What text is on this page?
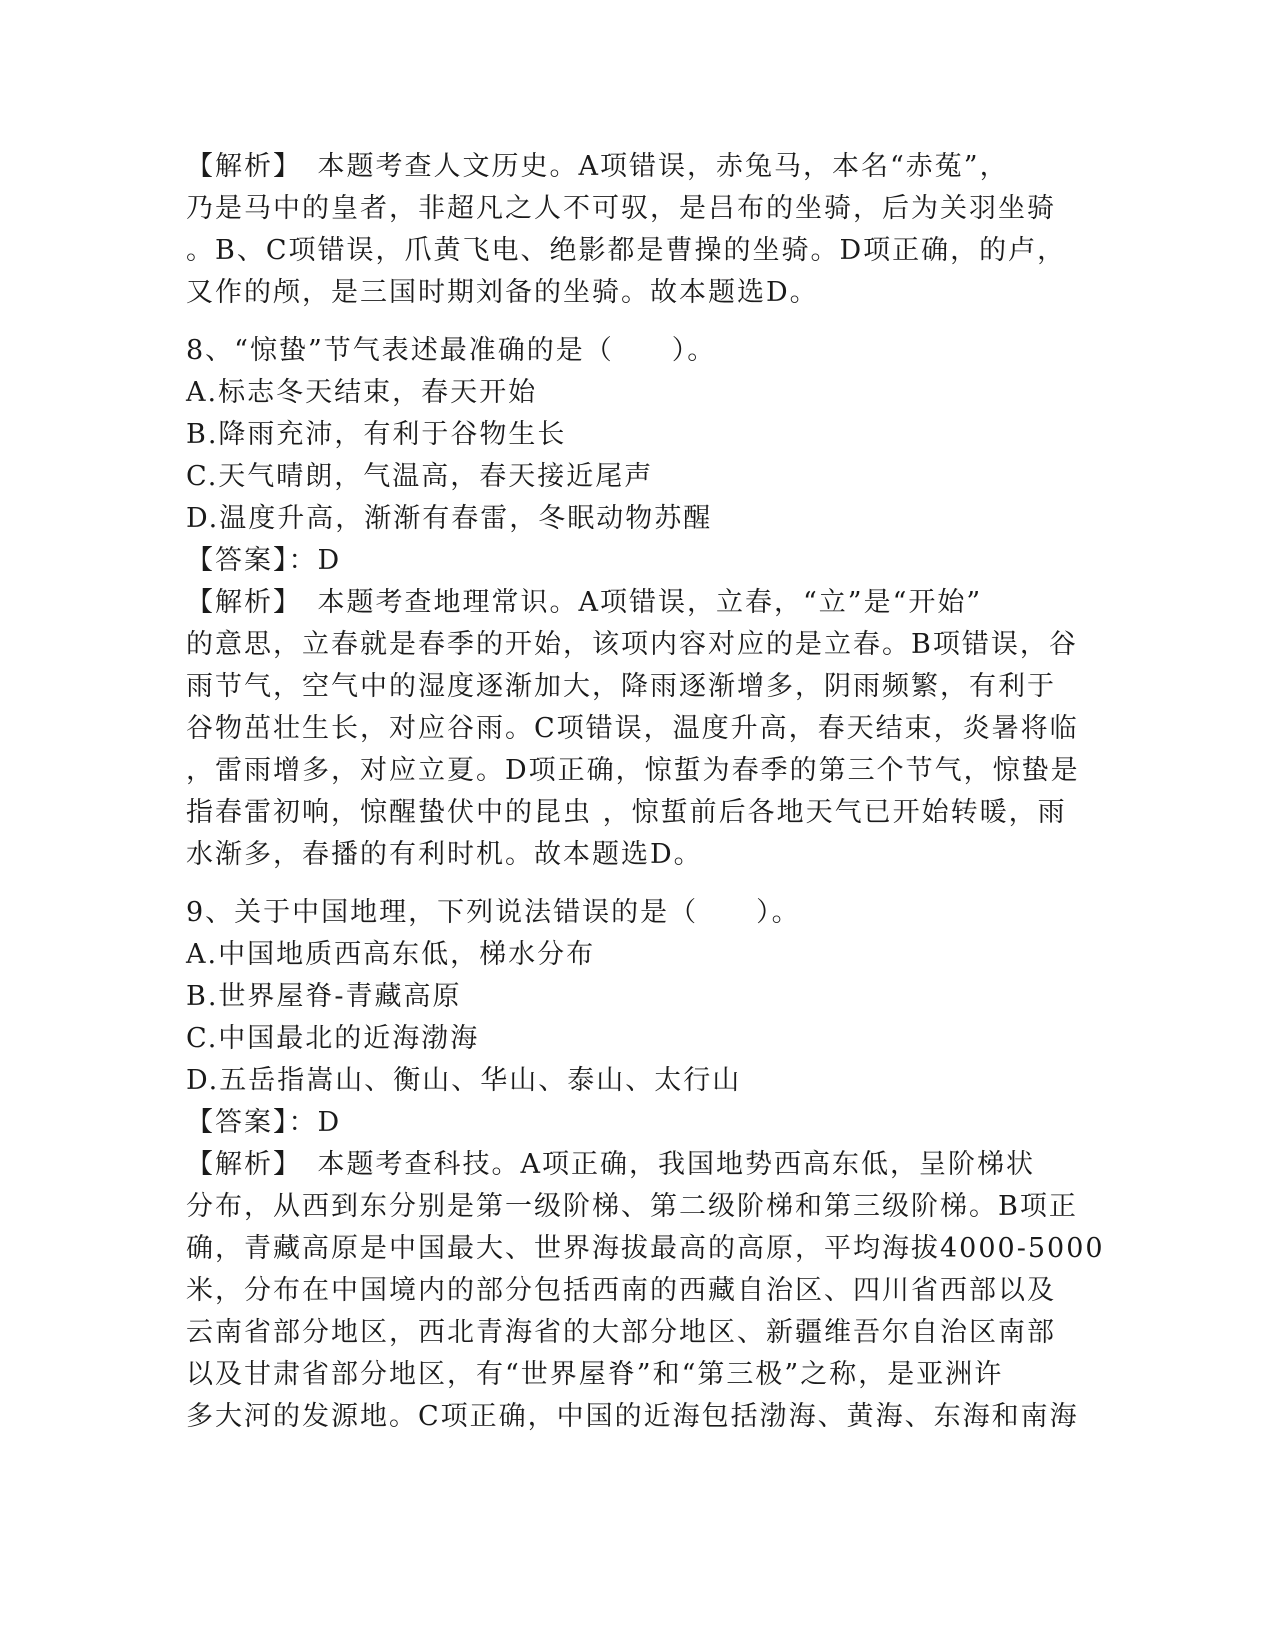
【解析】　本题考查人文历史。A项错误，赤兔马，本名“赤菟”，
乃是马中的皇者，非超凡之人不可驭，是吕布的坐骑，后为关羽坐骑
。B、C项错误，爪黄飞电、绝影都是曹操的坐骑。D项正确，的卢，
又作的颅，是三国时期刘备的坐骑。故本题选D。
8、“惊蛰”节气表述最准确的是（　　）。
A.标志冬天结束，春天开始
B.降雨充沛，有利于谷物生长
C.天气晴朗，气温高，春天接近尾声
D.温度升高，渐渐有春雷，冬眠动物苏醒
【答案】：D
【解析】　本题考查地理常识。A项错误，立春，“立”是“开始”
的意思，立春就是春季的开始，该项内容对应的是立春。B项错误，谷
雨节气，空气中的湿度逐渐加大，降雨逐渐增多，阴雨频繁，有利于
谷物茁壮生长，对应谷雨。C项错误，温度升高，春天结束，炎暑将临
，雷雨增多，对应立夏。D项正确，惊蜇为春季的第三个节气，惊蛰是
指春雷初响，惊醒蛰伏中的昆虫 ，惊蜇前后各地天气已开始转暖，雨
水渐多，春播的有利时机。故本题选D。
9、关于中国地理，下列说法错误的是（　　）。
A.中国地质西高东低，梯水分布
B.世界屋脊-青藏高原
C.中国最北的近海渤海
D.五岳指嵩山、衡山、华山、泰山、太行山
【答案】：D
【解析】　本题考查科技。A项正确，我国地势西高东低，呈阶梯状
分布，从西到东分别是第一级阶梯、第二级阶梯和第三级阶梯。B项正
确，青藏高原是中国最大、世界海拔最高的高原，平均海拔4000-5000
米，分布在中国境内的部分包括西南的西藏自治区、四川省西部以及
云南省部分地区，西北青海省的大部分地区、新疆维吾尔自治区南部
以及甘肃省部分地区，有“世界屋脊”和“第三极”之称，是亚洲许
多大河的发源地。C项正确，中国的近海包括渤海、黄海、东海和南海
